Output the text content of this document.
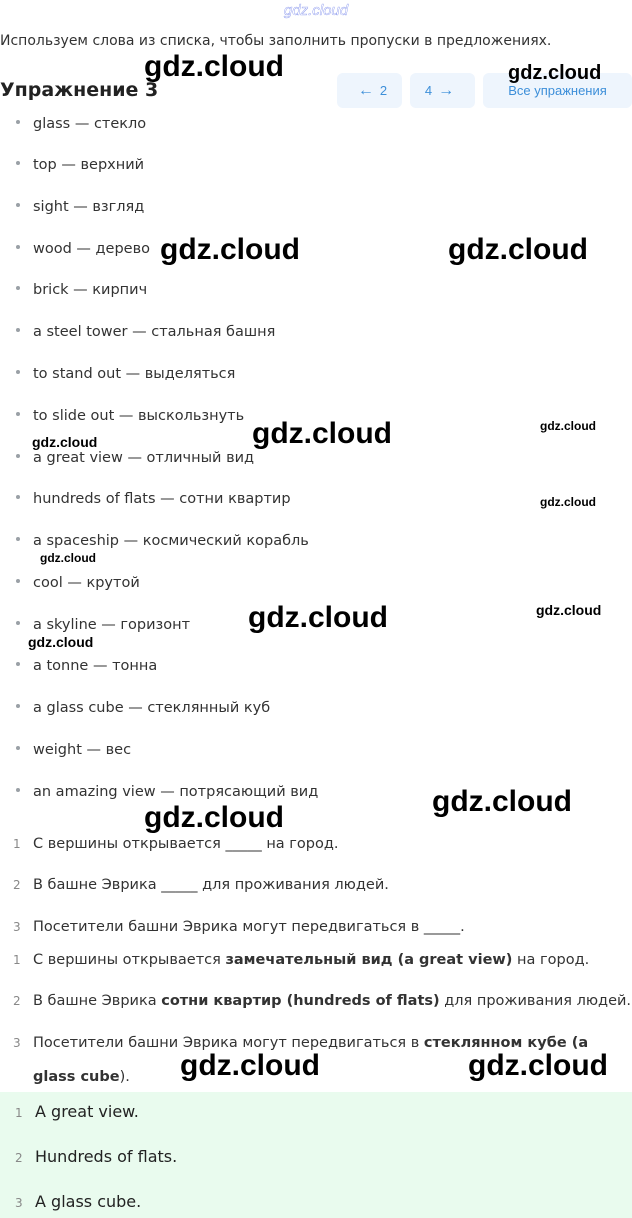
gdz.cloud
Используем слова из списка, чтобы заполнить пропуски в предложениях.
Упражнение 3	← 2	4 →	Все упражнения
glass — стекло
top — верхний
sight — взгляд
wood — дерево
brick — кирпич
a steel tower — стальная башня
to stand out — выделяться
to slide out — выскользнуть
a great view — отличный вид
hundreds of flats — сотни квартир
a spaceship — космический корабль
cool — крутой
a skyline — горизонт
a tonne — тонна
a glass cube — стеклянный куб
weight — вес
an amazing view — потрясающий вид
1 С вершины открывается _____ на город.
2 В башне Эврика _____ для проживания людей.
3 Посетители башни Эврика могут передвигаться в _____.
1 С вершины открывается замечательный вид (a great view) на город.
2 В башне Эврика сотни квартир (hundreds of flats) для проживания людей.
3 Посетители башни Эврика могут передвигаться в стеклянном кубе (a
glass cube).
1 A great view.
2 Hundreds of flats.
3 A glass cube.
gdz.cloud	gdz.cloud
gdz.cloud	gdz.cloud
gdz.cloud
gdz.cloud
gdz.cloud
gdz.cloud
gdz.cloud
gdz.cloud	gdz.cloud
gdz.cloud
gdz.cloud
gdz.cloud
gdz.cloud	gdz.cloud
